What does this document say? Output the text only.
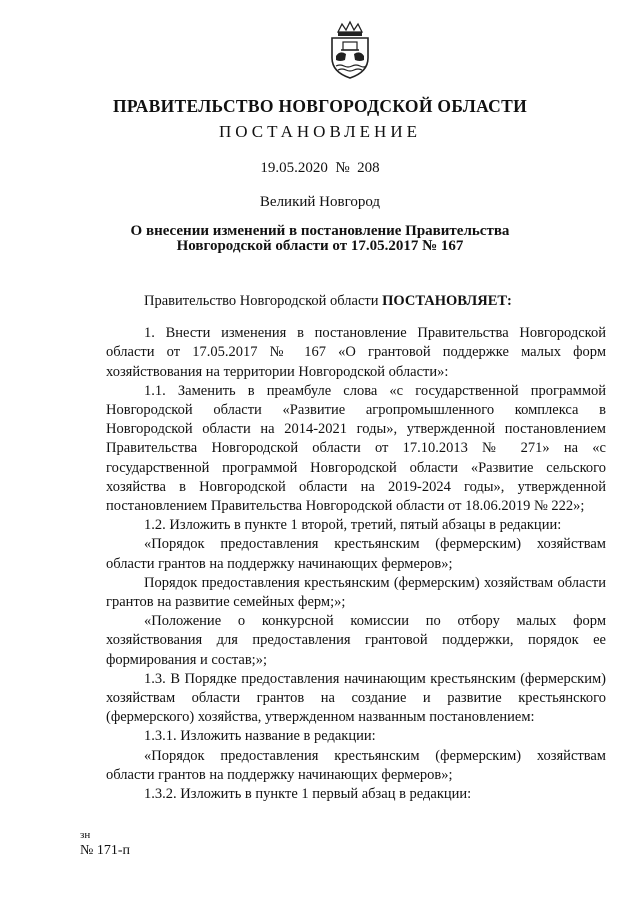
ПРАВИТЕЛЬСТВО НОВГОРОДСКОЙ ОБЛАСТИ
ПОСТАНОВЛЕНИЕ
19.05.2020 № 208
Великий Новгород
О внесении изменений в постановление Правительства
Новгородской области от 17.05.2017 № 167

Правительство Новгородской области ПОСТАНОВЛЯЕТ:

1. Внести изменения в постановление Правительства Новгородской области от 17.05.2017 № 167 «О грантовой поддержке малых форм хозяйствования на территории Новгородской области»:

1.1. Заменить в преамбуле слова «с государственной программой Новгородской области «Развитие агропромышленного комплекса в Новгородской области на 2014-2021 годы», утвержденной постановлением Правительства Новгородской области от 17.10.2013 № 271» на «с государственной программой Новгородской области «Развитие сельского хозяйства в Новгородской области на 2019-2024 годы», утвержденной постановлением Правительства Новгородской области от 18.06.2019 № 222»;

1.2. Изложить в пункте 1 второй, третий, пятый абзацы в редакции:

«Порядок предоставления крестьянским (фермерским) хозяйствам области грантов на поддержку начинающих фермеров»;

Порядок предоставления крестьянским (фермерским) хозяйствам области грантов на развитие семейных ферм;»;

«Положение о конкурсной комиссии по отбору малых форм хозяйствования для предоставления грантовой поддержки, порядок ее формирования и состав;»;

1.3. В Порядке предоставления начинающим крестьянским (фермерским) хозяйствам области грантов на создание и развитие крестьянского (фермерского) хозяйства, утвержденном названным постановлением:

1.3.1. Изложить название в редакции:

«Порядок предоставления крестьянским (фермерским) хозяйствам области грантов на поддержку начинающих фермеров»;

1.3.2. Изложить в пункте 1 первый абзац в редакции:

зн
№ 171-п
